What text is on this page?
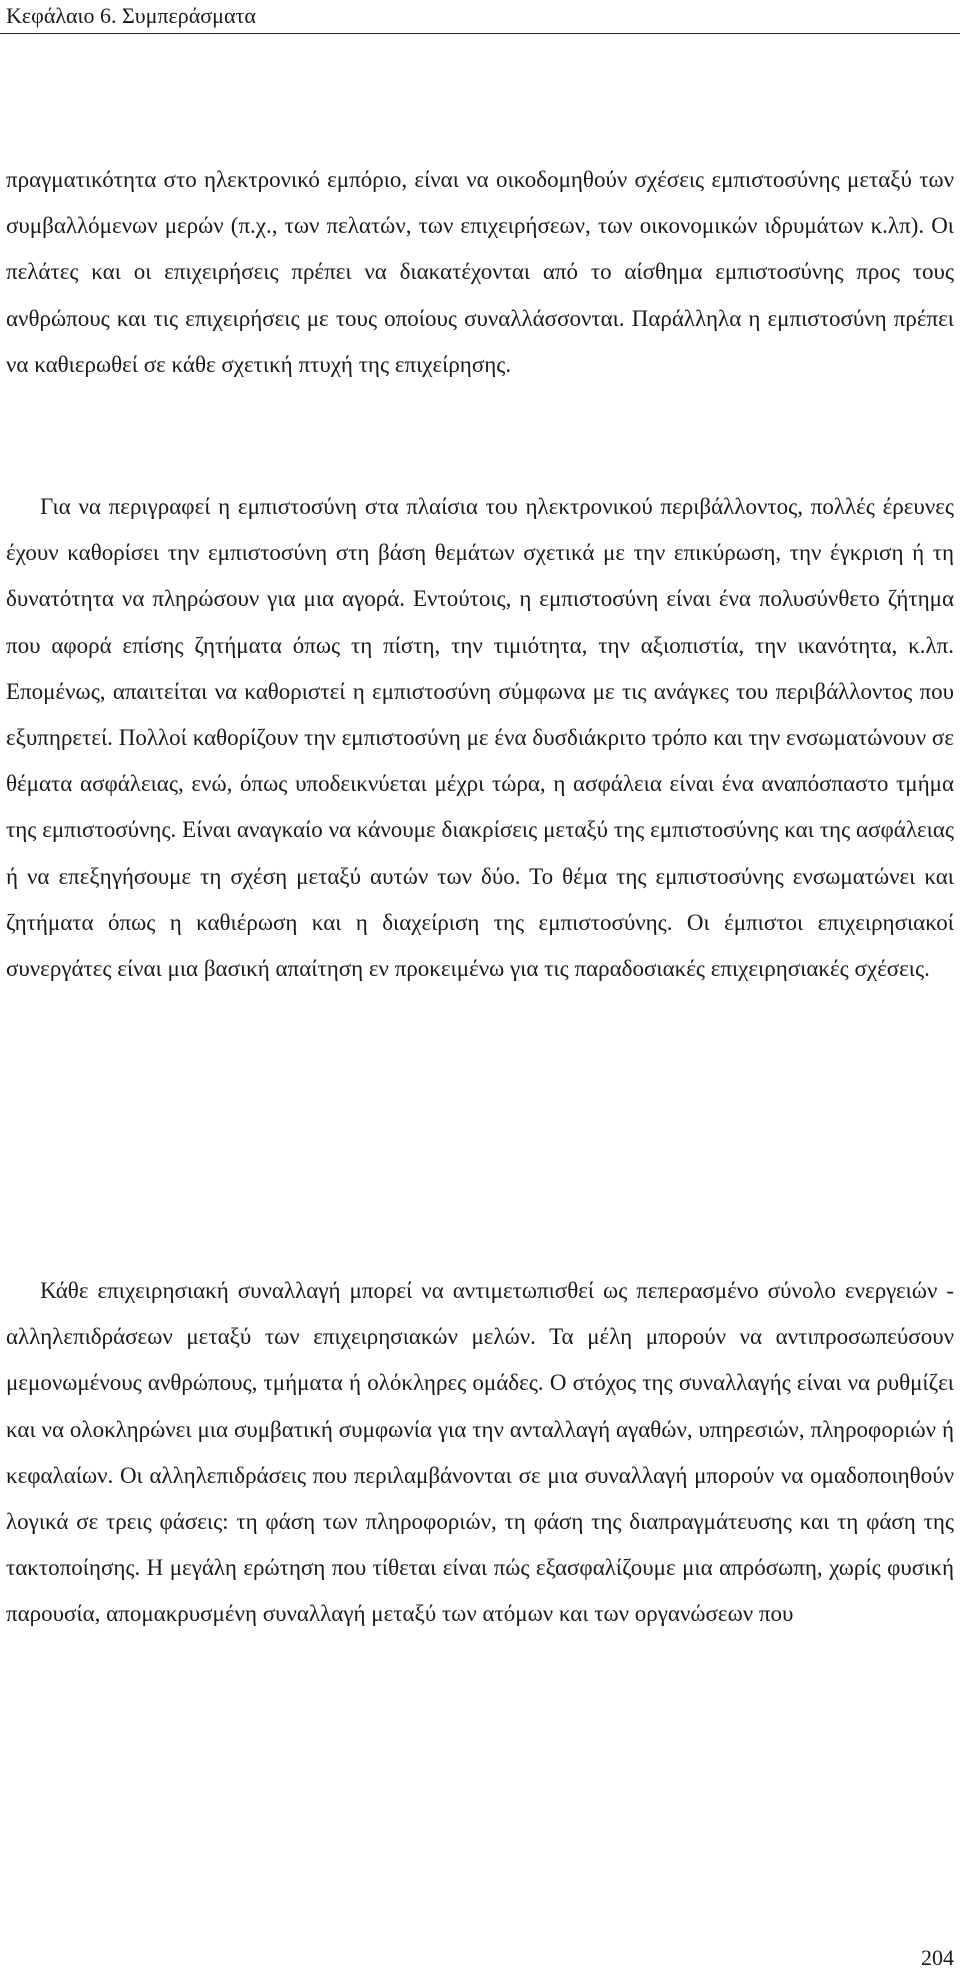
Κεφάλαιο 6. Συμπεράσματα

πραγματικότητα στο ηλεκτρονικό εμπόριο, είναι να οικοδομηθούν σχέσεις εμπιστοσύνης μεταξύ των συμβαλλόμενων μερών (π.χ., των πελατών, των επιχειρήσεων, των οικονομικών ιδρυμάτων κ.λπ). Οι πελάτες και οι επιχειρήσεις πρέπει να διακατέχονται από το αίσθημα εμπιστοσύνης προς τους ανθρώπους και τις επιχειρήσεις με τους οποίους συναλλάσσονται. Παράλληλα η εμπιστοσύνη πρέπει να καθιερωθεί σε κάθε σχετική πτυχή της επιχείρησης.

Για να περιγραφεί η εμπιστοσύνη στα πλαίσια του ηλεκτρονικού περιβάλλοντος, πολλές έρευνες έχουν καθορίσει την εμπιστοσύνη στη βάση θεμάτων σχετικά με την επικύρωση, την έγκριση ή τη δυνατότητα να πληρώσουν για μια αγορά. Εντούτοις, η εμπιστοσύνη είναι ένα πολυσύνθετο ζήτημα που αφορά επίσης ζητήματα όπως τη πίστη, την τιμιότητα, την αξιοπιστία, την ικανότητα, κ.λπ. Επομένως, απαιτείται να καθοριστεί η εμπιστοσύνη σύμφωνα με τις ανάγκες του περιβάλλοντος που εξυπηρετεί. Πολλοί καθορίζουν την εμπιστοσύνη με ένα δυσδιάκριτο τρόπο και την ενσωματώνουν σε θέματα ασφάλειας, ενώ, όπως υποδεικνύεται μέχρι τώρα, η ασφάλεια είναι ένα αναπόσπαστο τμήμα της εμπιστοσύνης. Είναι αναγκαίο να κάνουμε διακρίσεις μεταξύ της εμπιστοσύνης και της ασφάλειας ή να επεξηγήσουμε τη σχέση μεταξύ αυτών των δύο. Το θέμα της εμπιστοσύνης ενσωματώνει και ζητήματα όπως η καθιέρωση και η διαχείριση της εμπιστοσύνης. Οι έμπιστοι επιχειρησιακοί συνεργάτες είναι μια βασική απαίτηση εν προκειμένω για τις παραδοσιακές επιχειρησιακές σχέσεις.

Κάθε επιχειρησιακή συναλλαγή μπορεί να αντιμετωπισθεί ως πεπερασμένο σύνολο ενεργειών - αλληλεπιδράσεων μεταξύ των επιχειρησιακών μελών. Τα μέλη μπορούν να αντιπροσωπεύσουν μεμονωμένους ανθρώπους, τμήματα ή ολόκληρες ομάδες. Ο στόχος της συναλλαγής είναι να ρυθμίζει και να ολοκληρώνει μια συμβατική συμφωνία για την ανταλλαγή αγαθών, υπηρεσιών, πληροφοριών ή κεφαλαίων. Οι αλληλεπιδράσεις που περιλαμβάνονται σε μια συναλλαγή μπορούν να ομαδοποιηθούν λογικά σε τρεις φάσεις: τη φάση των πληροφοριών, τη φάση της διαπραγμάτευσης και τη φάση της τακτοποίησης. Η μεγάλη ερώτηση που τίθεται είναι πώς εξασφαλίζουμε μια απρόσωπη, χωρίς φυσική παρουσία, απομακρυσμένη συναλλαγή μεταξύ των ατόμων και των οργανώσεων που

204
